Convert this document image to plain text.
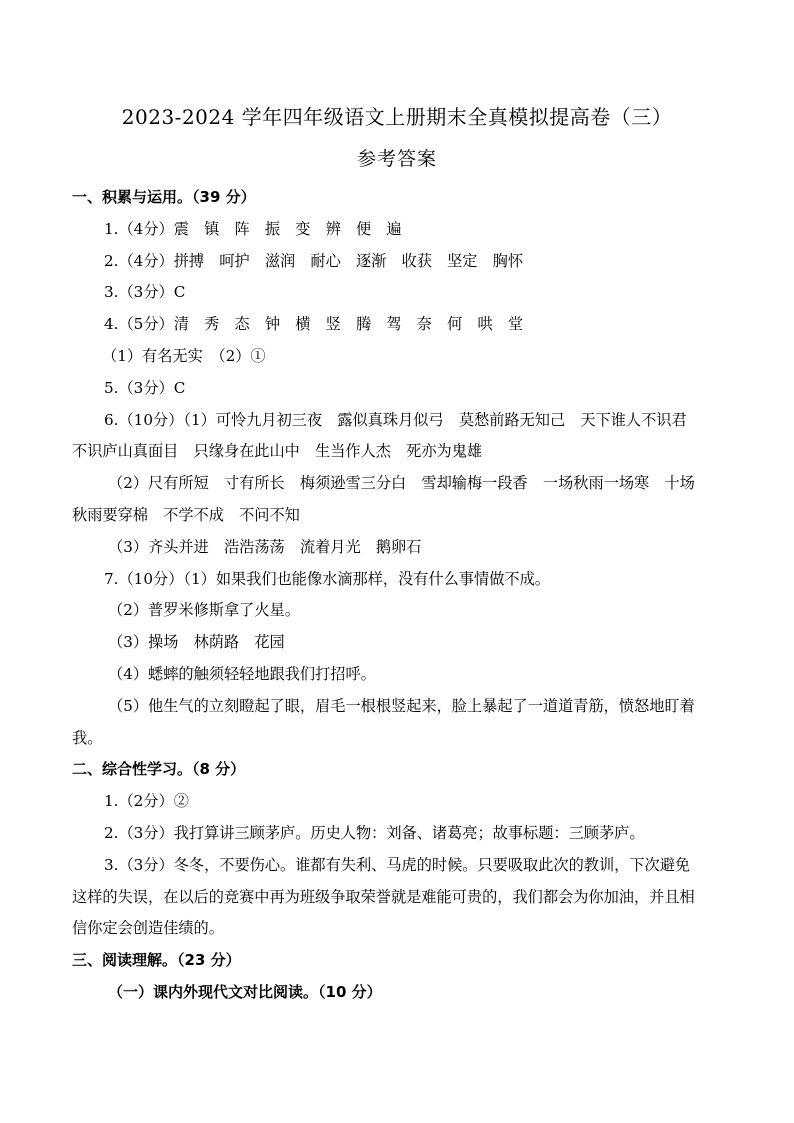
2023-2024 学年四年级语文上册期末全真模拟提高卷（三）
参考答案
一、积累与运用。（39 分）
1.（4分）震　镇　阵　振　变　辨　便　遍
2.（4分）拼搏　呵护　滋润　耐心　逐渐　收获　坚定　胸怀
3.（3分）C
4.（5分）清　秀　态　钟　横　竖　腾　驾　奈　何　哄　堂
（1）有名无实　（2）①
5.（3分）C
6.（10分）（1）可怜九月初三夜　露似真珠月似弓　莫愁前路无知己　天下谁人不识君
不识庐山真面目　只缘身在此山中　生当作人杰　死亦为鬼雄
（2）尺有所短　寸有所长　梅须逊雪三分白　雪却输梅一段香　一场秋雨一场寒　十场
秋雨要穿棉　不学不成　不问不知
（3）齐头并进　浩浩荡荡　流着月光　鹅卵石
7.（10分）（1）如果我们也能像水滴那样，没有什么事情做不成。
（2）普罗米修斯拿了火星。
（3）操场　林荫路　花园
（4）蟋蟀的触须轻轻地跟我们打招呼。
（5）他生气的立刻瞪起了眼，眉毛一根根竖起来，脸上暴起了一道道青筋，愤怒地盯着
我。
二、综合性学习。（8 分）
1.（2分）②
2.（3分）我打算讲三顾茅庐。历史人物：刘备、诸葛亮；故事标题：三顾茅庐。
3.（3分）冬冬，不要伤心。谁都有失利、马虎的时候。只要吸取此次的教训，下次避免
这样的失误，在以后的竞赛中再为班级争取荣誉就是难能可贵的，我们都会为你加油，并且相
信你定会创造佳绩的。
三、阅读理解。（23 分）
（一）课内外现代文对比阅读。（10 分）
